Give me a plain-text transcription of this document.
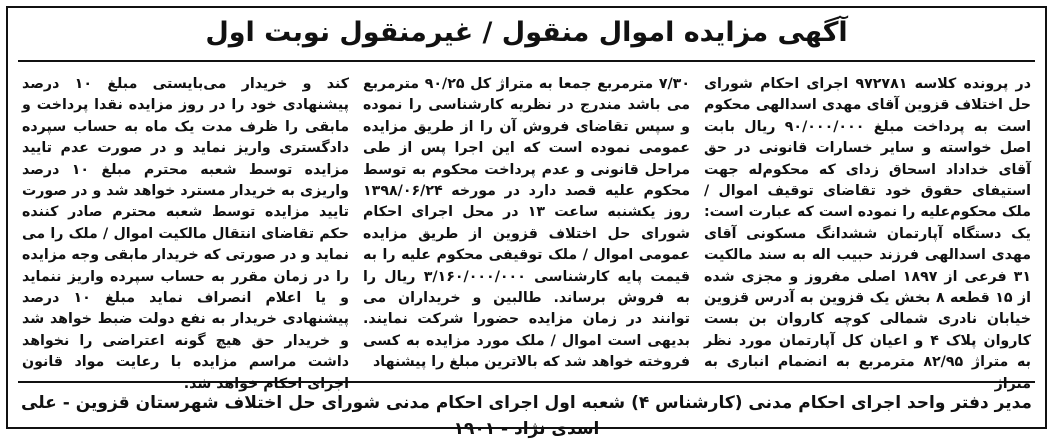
آگهی مزایده اموال منقول / غیرمنقول نوبت اول
در پرونده کلاسه ۹۷۲۷۸۱ اجرای احکام شورای حل اختلاف قزوین آقای مهدی اسدالهی محکوم است به پرداخت مبلغ ۹۰/۰۰۰/۰۰۰ ریال بابت اصل خواسته و سایر خسارات قانونی در حق آقای خداداد اسحاق زدای که محکوم‌له جهت استیفای حقوق خود تقاضای توقیف اموال / ملک محکوم‌علیه را نموده است که عبارت است: یک دستگاه آپارتمان ششدانگ مسکونی آقای مهدی اسدالهی فرزند حبیب اله به سند مالکیت ۳۱ فرعی از ۱۸۹۷ اصلی مفروز و مجزی شده از ۱۵ قطعه ۸ بخش یک قزوین به آدرس قزوین خیابان نادری شمالی کوچه کاروان بن بست کاروان پلاک ۴ و اعیان کل آپارتمان مورد نظر به متراژ ۸۲/۹۵ مترمربع به انضمام انباری به متراژ
۷/۳۰ مترمربع جمعا به متراژ کل ۹۰/۲۵ مترمربع می باشد مندرج در نظریه کارشناسی را نموده و سپس تقاضای فروش آن را از طریق مزایده عمومی نموده است که این اجرا پس از طی مراحل قانونی و عدم پرداخت محکوم به توسط محکوم علیه قصد دارد در مورخه ۱۳۹۸/۰۶/۲۴ روز یکشنبه ساعت ۱۳ در محل اجرای احکام شورای حل اختلاف قزوین از طریق مزایده عمومی اموال / ملک توقیفی محکوم علیه را به قیمت پایه کارشناسی ۳/۱۶۰/۰۰۰/۰۰۰ ریال را به فروش برساند. طالبین و خریداران می توانند در زمان مزایده حضورا شرکت نمایند. بدیهی است اموال / ملک مورد مزایده به کسی فروخته خواهد شد که بالاترین مبلغ را پیشنهاد
کند و خریدار می‌بایستی مبلغ ۱۰ درصد پیشنهادی خود را در روز مزایده نقدا پرداخت و مابقی را ظرف مدت یک ماه به حساب سپرده دادگستری واریز نماید و در صورت عدم تایید مزایده توسط شعبه محترم مبلغ ۱۰ درصد واریزی به خریدار مسترد خواهد شد و در صورت تایید مزایده توسط شعبه محترم صادر کننده حکم تقاضای انتقال مالکیت اموال / ملک را می نماید و در صورتی که خریدار مابقی وجه مزایده را در زمان مقرر به حساب سپرده واریز ننماید و یا اعلام انصراف نماید مبلغ ۱۰ درصد پیشنهادی خریدار به نفع دولت ضبط خواهد شد و خریدار حق هیچ گونه اعتراضی را نخواهد داشت مراسم مزایده با رعایت مواد قانون اجرای احکام خواهد شد.
مدیر دفتر واحد اجرای احکام مدنی (کارشناس ۴) شعبه اول اجرای احکام مدنی شورای حل اختلاف شهرستان قزوین - علی اسدی نژاد - ۱۹۰۱
